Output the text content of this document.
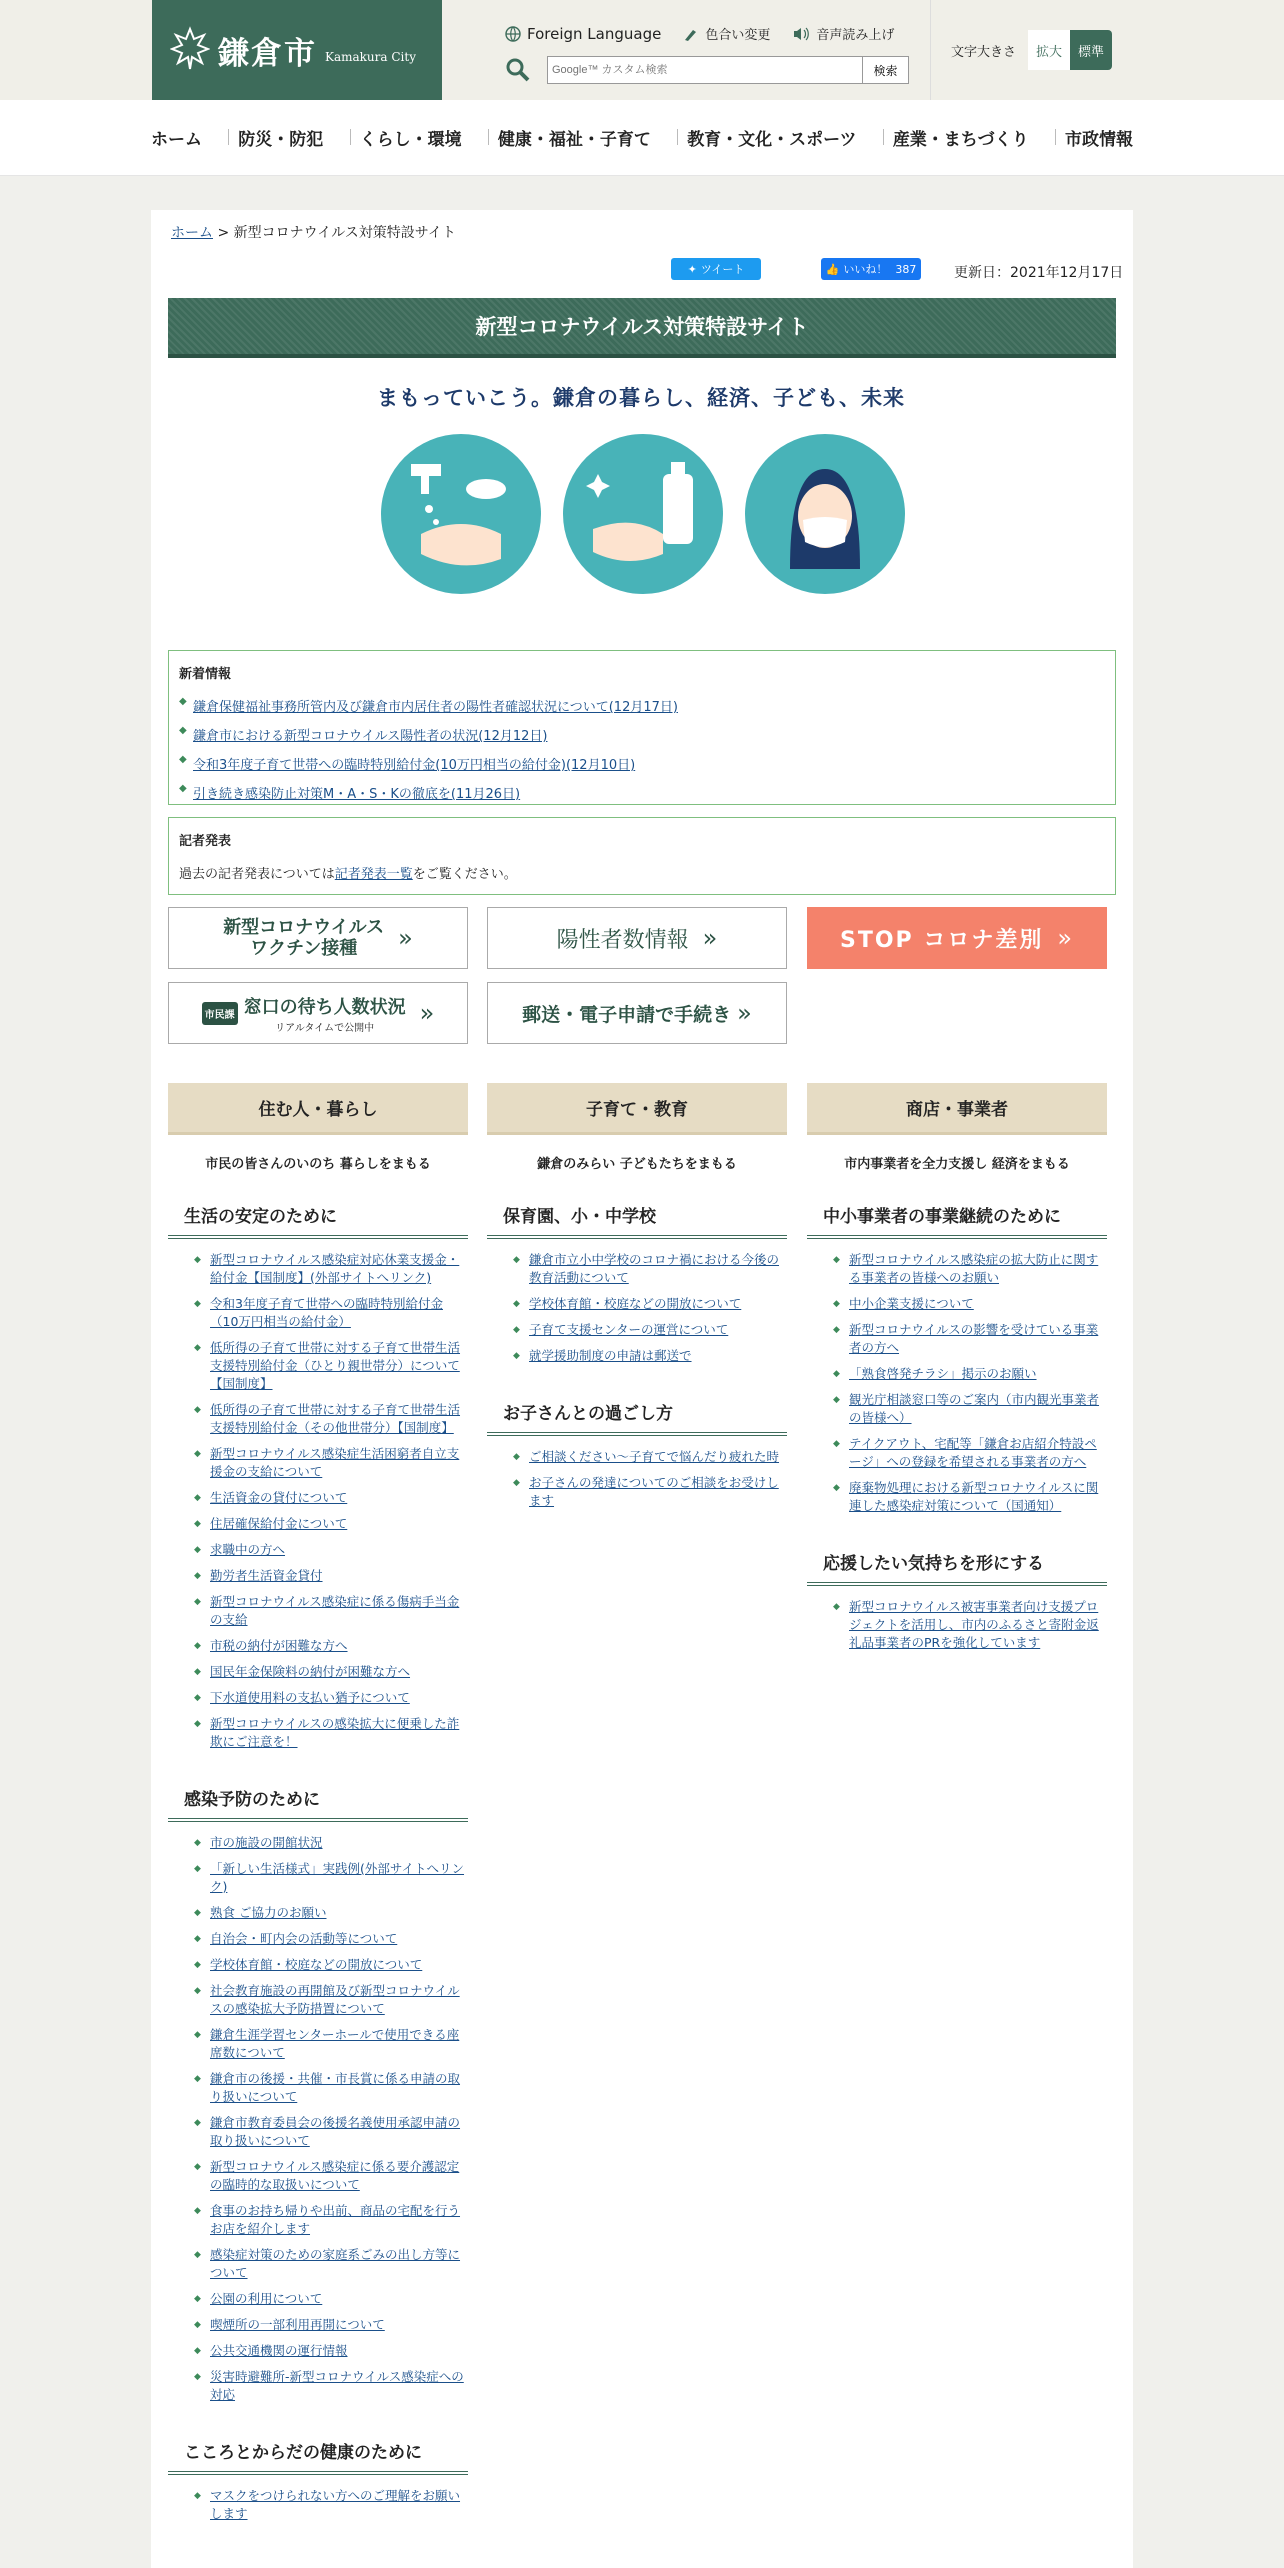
鎌倉市 Kamakura City
Foreign Language	色合い変更	音声読み上げ
Google™ カスタム検索
検索
文字大きさ	拡大	標準
ホーム 防災・防犯 くらし・環境 健康・福祉・子育て 教育・文化・スポーツ 産業・まちづくり 市政情報
ホーム > 新型コロナウイルス対策特設サイト
✦ ツイート	👍 いいね！ 387	更新日：2021年12月17日
新型コロナウイルス対策特設サイト
まもっていこう。鎌倉の暮らし、経済、子ども、未来
新着情報
◆ 鎌倉保健福祉事務所管内及び鎌倉市内居住者の陽性者確認状況について(12月17日)
◆ 鎌倉市における新型コロナウイルス陽性者の状況(12月12日)
◆ 令和3年度子育て世帯への臨時特別給付金(10万円相当の給付金)(12月10日)
◆ 引き続き感染防止対策M・A・S・Kの徹底を(11月26日)
記者発表

過去の記者発表については記者発表一覧をご覧ください。

新型コロナウイルス
ワクチン接種	»	陽性者数情報 »	STOP コロナ差別 »
市民課 窓口の待ち人数状況
リアルタイムで公開中
»	郵送・電子申請で手続き »
住む人・暮らし
市民の皆さんのいのち 暮らしをまもる
生活の安定のために
◆ 新型コロナウイルス感染症対応休業支援金・給付金【国制度】(外部サイトへリンク)
◆ 令和3年度子育て世帯への臨時特別給付金（10万円相当の給付金）
◆ 低所得の子育て世帯に対する子育て世帯生活支援特別給付金（ひとり親世帯分）について【国制度】
◆ 低所得の子育て世帯に対する子育て世帯生活支援特別給付金（その他世帯分）【国制度】
◆ 新型コロナウイルス感染症生活困窮者自立支援金の支給について
◆ 生活資金の貸付について
◆ 住居確保給付金について
◆ 求職中の方へ
◆ 勤労者生活資金貸付
◆ 新型コロナウイルス感染症に係る傷病手当金の支給
◆ 市税の納付が困難な方へ
◆ 国民年金保険料の納付が困難な方へ
◆ 下水道使用料の支払い猶予について
◆ 新型コロナウイルスの感染拡大に便乗した詐欺にご注意を！
感染予防のために
◆ 市の施設の開館状況
◆ 「新しい生活様式」実践例(外部サイトへリンク)
◆ 熟食 ご協力のお願い
◆ 自治会・町内会の活動等について
◆ 学校体育館・校庭などの開放について
◆ 社会教育施設の再開館及び新型コロナウイルスの感染拡大予防措置について
◆ 鎌倉生涯学習センターホールで使用できる座席数について
◆ 鎌倉市の後援・共催・市長賞に係る申請の取り扱いについて
◆ 鎌倉市教育委員会の後援名義使用承認申請の取り扱いについて
◆ 新型コロナウイルス感染症に係る要介護認定の臨時的な取扱いについて
◆ 食事のお持ち帰りや出前、商品の宅配を行うお店を紹介します
◆ 感染症対策のための家庭系ごみの出し方等について
◆ 公園の利用について
◆ 喫煙所の一部利用再開について
◆ 公共交通機関の運行情報
◆ 災害時避難所-新型コロナウイルス感染症への対応
こころとからだの健康のために
◆ マスクをつけられない方へのご理解をお願いします
子育て・教育
鎌倉のみらい 子どもたちをまもる
保育園、小・中学校
◆ 鎌倉市立小中学校のコロナ禍における今後の教育活動について
◆ 学校体育館・校庭などの開放について
◆ 子育て支援センターの運営について
◆ 就学援助制度の申請は郵送で
お子さんとの過ごし方
◆ ご相談ください～子育てで悩んだり疲れた時
◆ お子さんの発達についてのご相談をお受けします
商店・事業者
市内事業者を全力支援し 経済をまもる
中小事業者の事業継続のために
◆ 新型コロナウイルス感染症の拡大防止に関する事業者の皆様へのお願い
◆ 中小企業支援について
◆ 新型コロナウイルスの影響を受けている事業者の方へ
◆ 「熟食啓発チラシ」掲示のお願い
◆ 観光庁相談窓口等のご案内（市内観光事業者の皆様へ）
◆ テイクアウト、宅配等「鎌倉お店紹介特設ページ」への登録を希望される事業者の方へ
◆ 廃棄物処理における新型コロナウイルスに関連した感染症対策について（国通知）
応援したい気持ちを形にする
◆ 新型コロナウイルス被害事業者向け支援プロジェクトを活用し、市内のふるさと寄附金返礼品事業者のPRを強化しています
